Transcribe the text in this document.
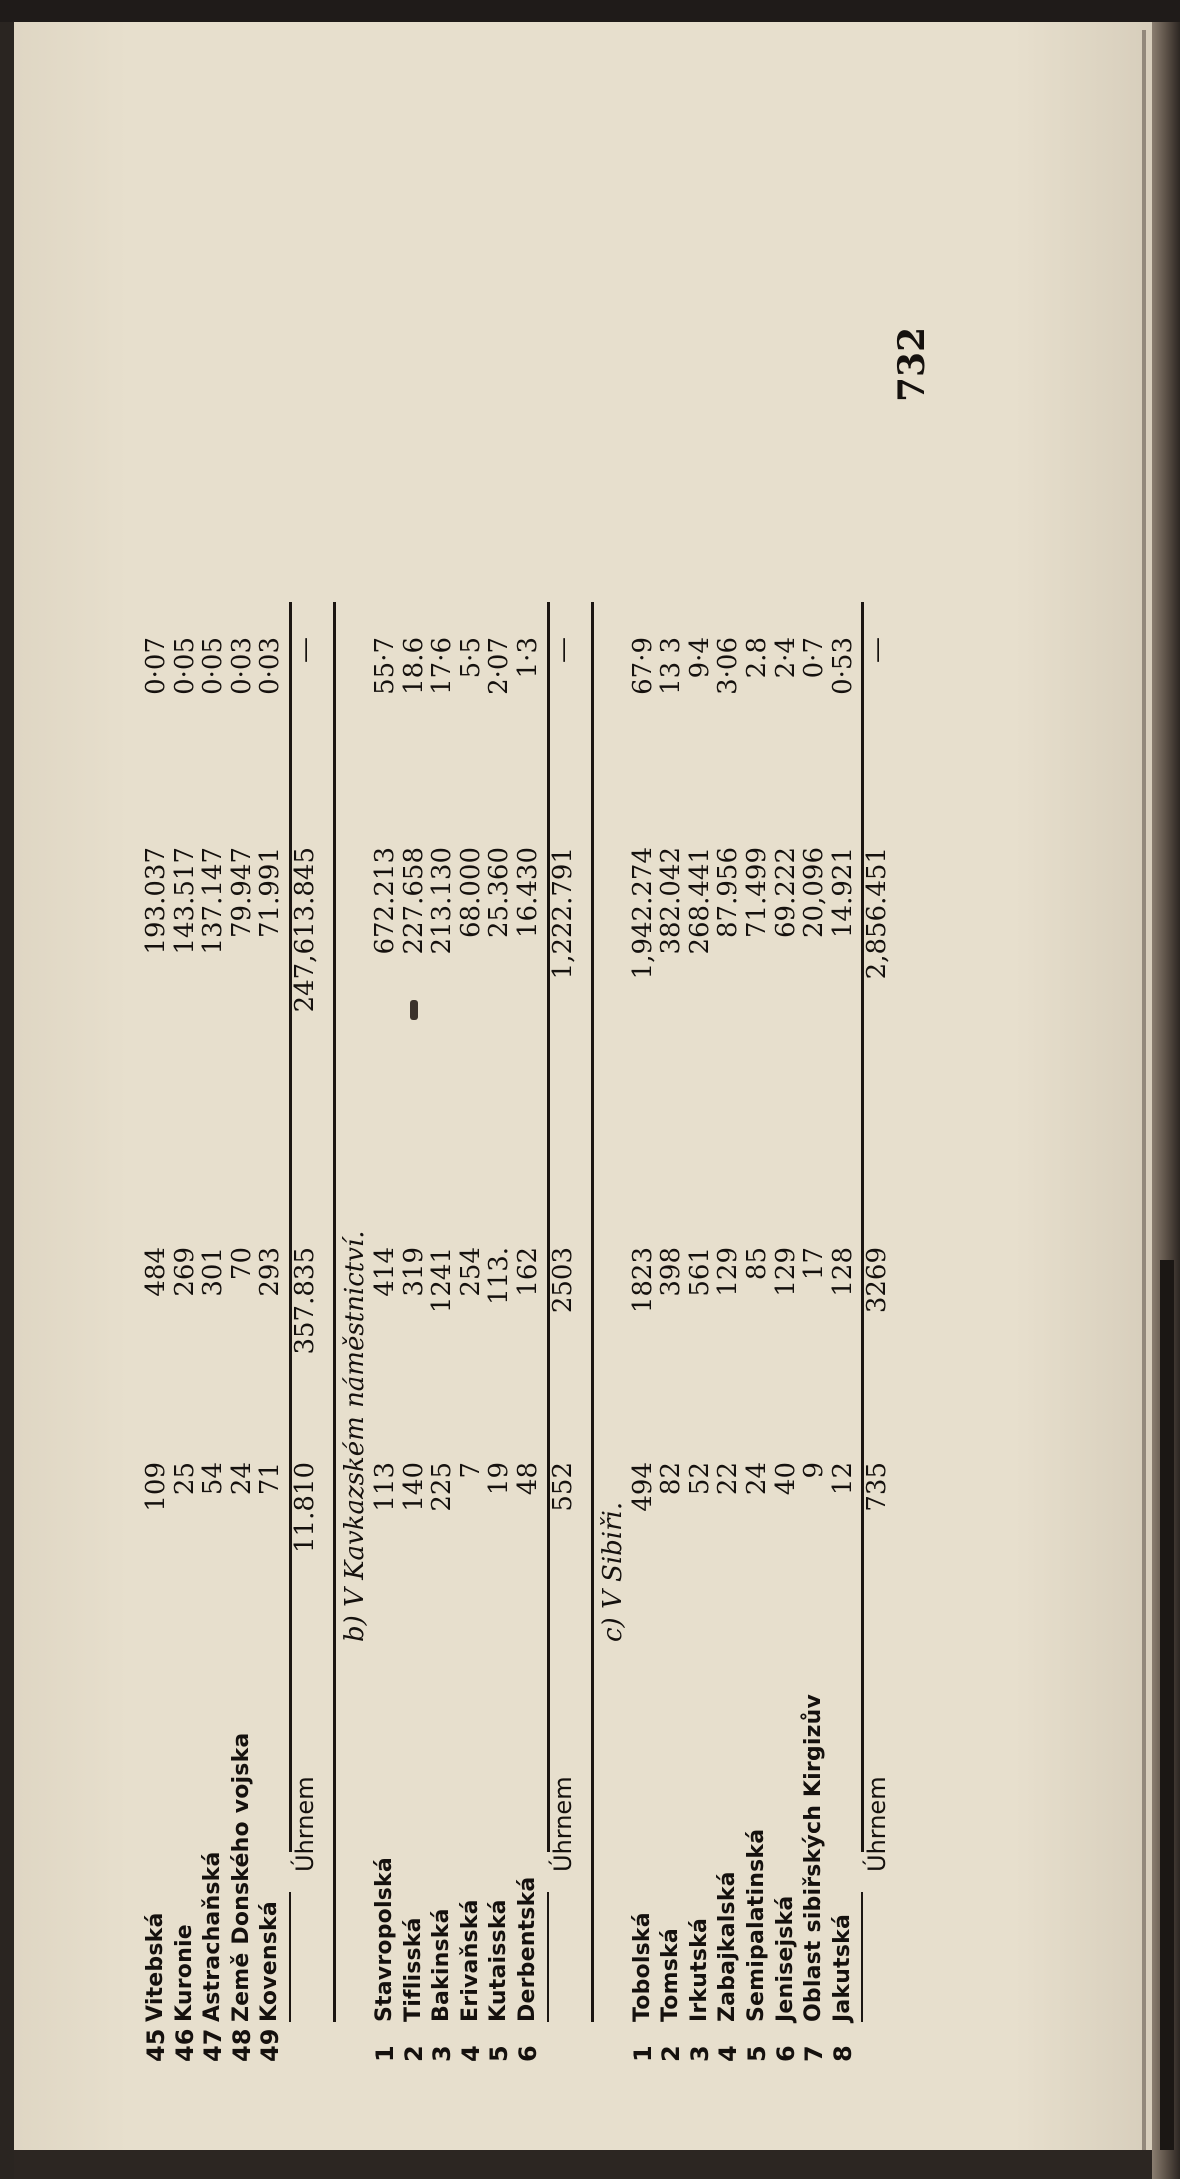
732
45
Vitebská
109
484
193.037
0·07
46
Kuronie
25
269
143.517
0·05
47
Astrachaňská
54
301
137.147
0·05
48
Země Donského vojska
24
70
79.947
0·03
49
Kovenská
71
293
71.991
0·03
Úhrnem
11.810
357.835
247,613.845
—
b) V Kavkazském náměstnictví.
1
Stavropolská
113
414
672.213
55·7
2
Tiflisská
140
319
227.658
18.6
3
Bakinská
225
1241
213.130
17·6
4
Erivaňská
7
254
68.000
5·5
5
Kutaisská
19
113.
25.360
2·07
6
Derbentská
48
162
16.430
1·3
Úhrnem
552
2503
1,222.791
—
c) V Sibiři.
1
Tobolská
494
1823
1,942.274
67·9
2
Tomská
82
398
382.042
13 3
3
Irkutská
52
561
268.441
9·4
4
Zabajkalská
22
129
87.956
3·06
5
Semipalatinská
24
85
71.499
2.8
6
Jenisejská
40
129
69.222
2·4
7
Oblast sibiřských Kirgizův
9
17
20,096
0·7
8
Jakutská
12
128
14.921
0·53
Úhrnem
735
3269
2,856.451
—
